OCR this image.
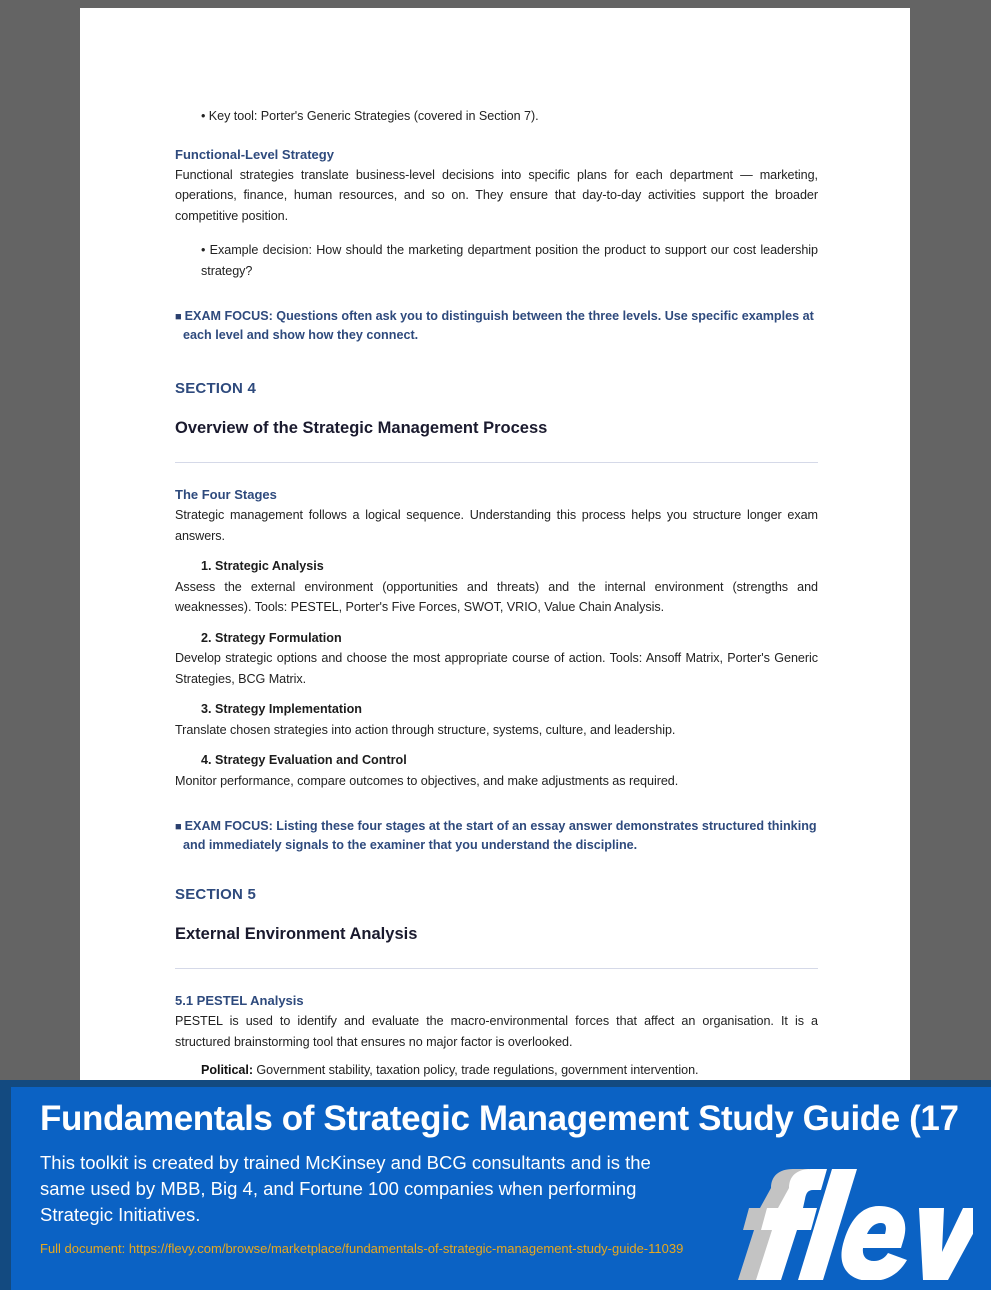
• Key tool: Porter's Generic Strategies (covered in Section 7).

Functional-Level Strategy

Functional strategies translate business-level decisions into specific plans for each department — marketing, operations, finance, human resources, and so on. They ensure that day-to-day activities support the broader competitive position.

• Example decision: How should the marketing department position the product to support our cost leadership strategy?

■EXAM FOCUS: Questions often ask you to distinguish between the three levels. Use specific examples at each level and show how they connect.

SECTION 4
Overview of the Strategic Management Process
The Four Stages

Strategic management follows a logical sequence. Understanding this process helps you structure longer exam answers.

1. Strategic Analysis

Assess the external environment (opportunities and threats) and the internal environment (strengths and weaknesses). Tools: PESTEL, Porter's Five Forces, SWOT, VRIO, Value Chain Analysis.

2. Strategy Formulation

Develop strategic options and choose the most appropriate course of action. Tools: Ansoff Matrix, Porter's Generic Strategies, BCG Matrix.

3. Strategy Implementation

Translate chosen strategies into action through structure, systems, culture, and leadership.

4. Strategy Evaluation and Control

Monitor performance, compare outcomes to objectives, and make adjustments as required.

■EXAM FOCUS: Listing these four stages at the start of an essay answer demonstrates structured thinking and immediately signals to the examiner that you understand the discipline.

SECTION 5
External Environment Analysis
5.1 PESTEL Analysis

PESTEL is used to identify and evaluate the macro-environmental forces that affect an organisation. It is a structured brainstorming tool that ensures no major factor is overlooked.

Political: Government stability, taxation policy, trade regulations, government intervention.

Fundamentals of Strategic Management Study Guide (17
This toolkit is created by trained McKinsey and BCG consultants and is the same used by MBB, Big 4, and Fortune 100 companies when performing Strategic Initiatives.
Full document: https://flevy.com/browse/marketplace/fundamentals-of-strategic-management-study-guide-11039
